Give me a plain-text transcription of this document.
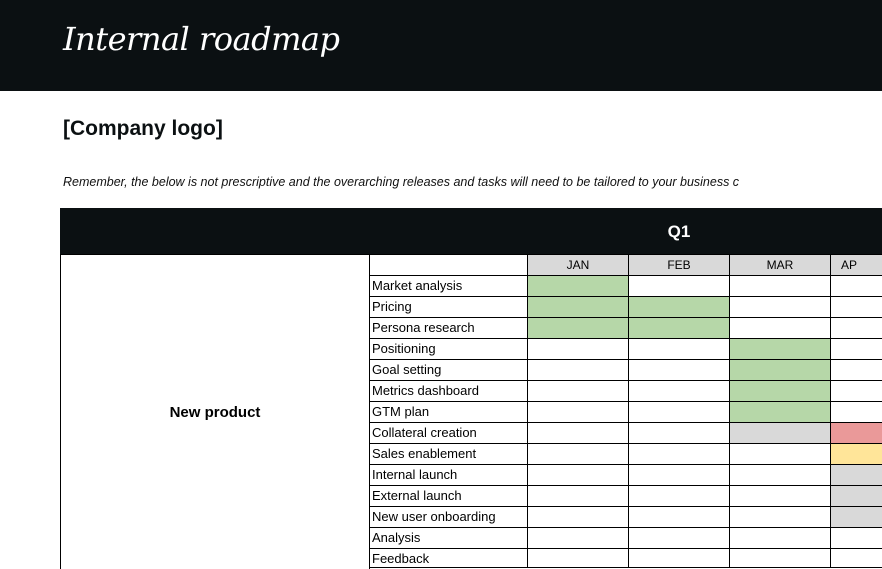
Internal roadmap
[Company logo]
Remember, the below is not prescriptive and the overarching releases and tasks will need to be tailored to your business c
Q1
New product
JAN	FEB	MAR	AP
Market analysis
Pricing
Persona research
Positioning
Goal setting
Metrics dashboard
GTM plan
Collateral creation
Sales enablement
Internal launch
External launch
New user onboarding
Analysis
Feedback
